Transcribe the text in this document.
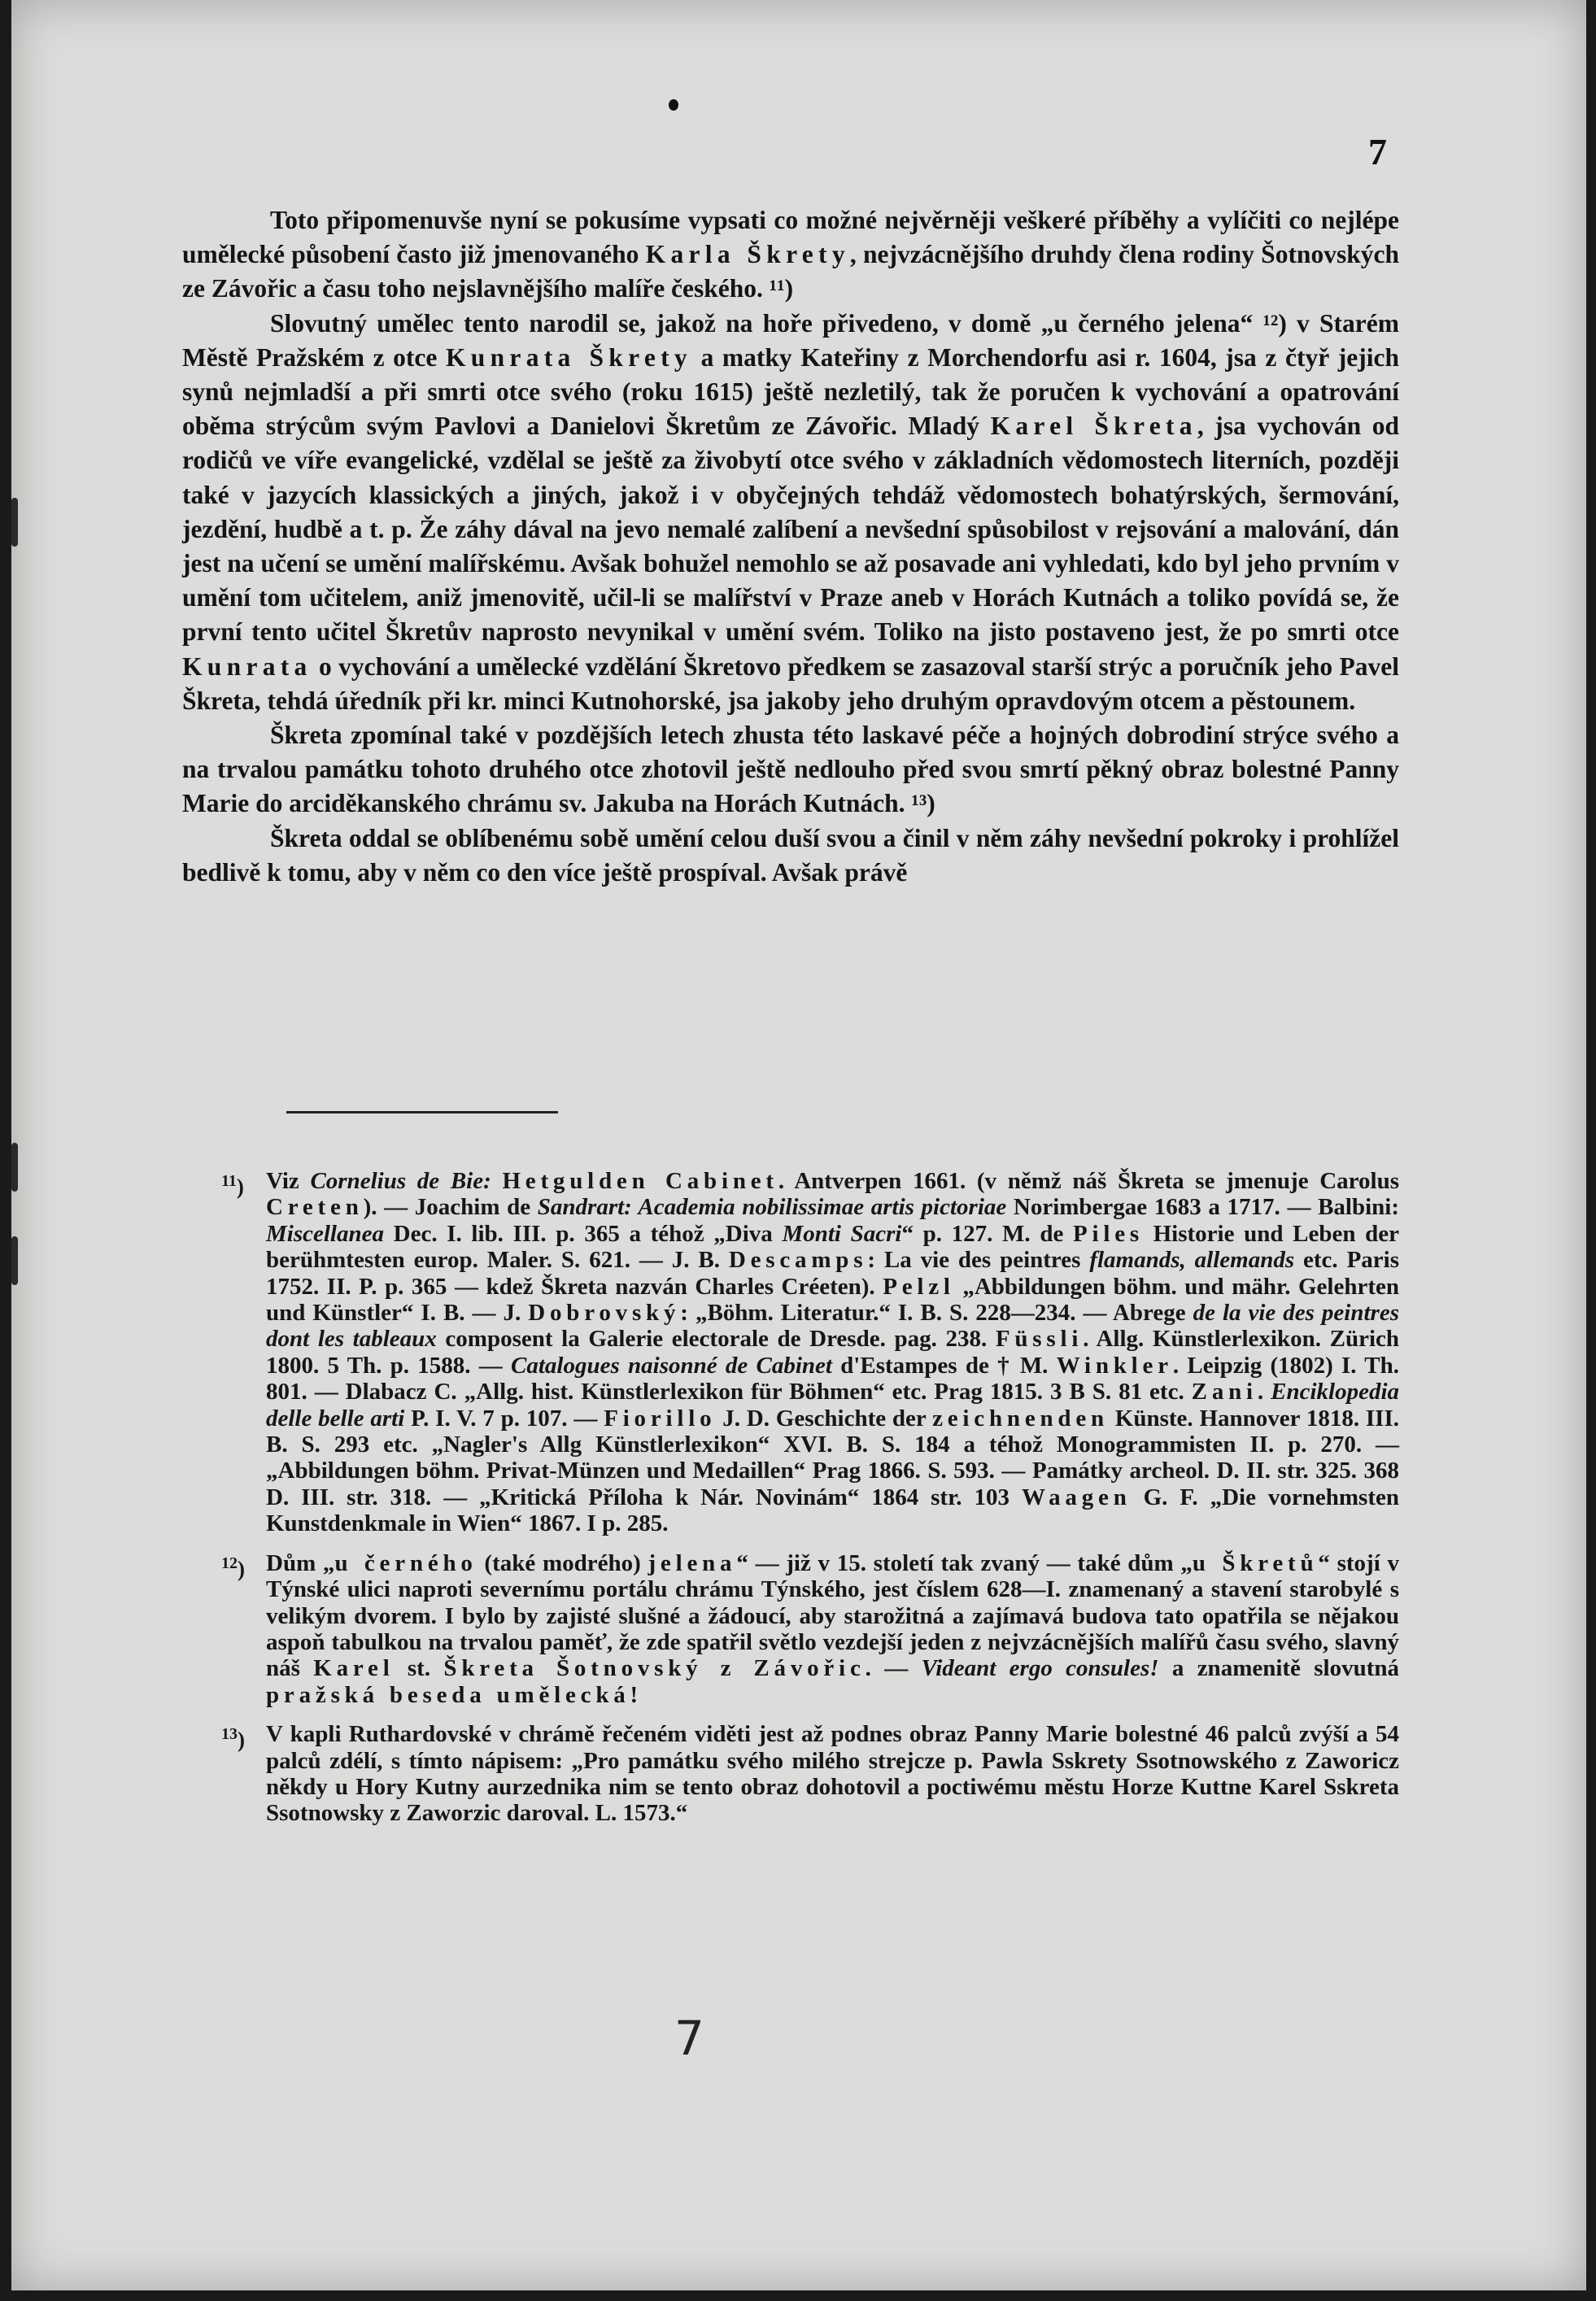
7

Toto připomenuvše nyní se pokusíme vypsati co možné nejvěrněji veškeré příběhy a vylíčiti co nejlépe umělecké působení často již jmenovaného Karla Škrety, nejvzácnějšího druhdy člena rodiny Šotnovských ze Závořic a času toho nejslavnějšího malíře českého. ¹¹)

Slovutný umělec tento narodil se, jakož na hoře přivedeno, v domě „u černého jelena“ ¹²) v Starém Městě Pražském z otce Kunrata Škrety a matky Kateřiny z Morchendorfu asi r. 1604, jsa z čtyř jejich synů nejmladší a při smrti otce svého (roku 1615) ještě nezletilý, tak že poručen k vychování a opatrování oběma strýcům svým Pavlovi a Danielovi Škretům ze Závořic. Mladý Karel Škreta, jsa vychován od rodičů ve víře evangelické, vzdělal se ještě za živobytí otce svého v základních vědomostech literních, později také v jazycích klassických a jiných, jakož i v obyčejných tehdáž vědomostech bohatýrských, šermování, jezdění, hudbě a t. p. Že záhy dával na jevo nemalé zalíbení a nevšední spůsobilost v rejsování a malování, dán jest na učení se umění malířskému. Avšak bohužel nemohlo se až posavade ani vyhledati, kdo byl jeho prvním v umění tom učitelem, aniž jmenovitě, učil-li se malířství v Praze aneb v Horách Kutnách a toliko povídá se, že první tento učitel Škretův naprosto nevynikal v umění svém. Toliko na jisto postaveno jest, že po smrti otce Kunrata o vychování a umělecké vzdělání Škretovo předkem se zasazoval starší strýc a poručník jeho Pavel Škreta, tehdá úředník při kr. minci Kutnohorské, jsa jakoby jeho druhým opravdovým otcem a pěstounem.

Škreta zpomínal také v pozdějších letech zhusta této laskavé péče a hojných dobrodiní strýce svého a na trvalou památku tohoto druhého otce zhotovil ještě nedlouho před svou smrtí pěkný obraz bolestné Panny Marie do arciděkanského chrámu sv. Jakuba na Horách Kutnách. ¹³)

Škreta oddal se oblíbenému sobě umění celou duší svou a činil v něm záhy nevšední pokroky i prohlížel bedlivě k tomu, aby v něm co den více ještě prospíval. Avšak právě

$^{11}$) Viz Cornelius de Bie: Hetgulden Cabinet. Antverpen 1661. (v němž náš Škreta se jmenuje Carolus Creten). — Joachim de Sandrart: Academia nobilissimae artis pictoriae Norimbergae 1683 a 1717. — Balbini: Miscellanea Dec. I. lib. III. p. 365 a téhož „Diva Monti Sacri“ p. 127. M. de Piles Historie und Leben der berühmtesten europ. Maler. S. 621. — J. B. Descamps: La vie des peintres flamands, allemands etc. Paris 1752. II. P. p. 365 — kdež Škreta nazván Charles Créeten). Pelzl „Abbildungen böhm. und mähr. Gelehrten und Künstler“ I. B. — J. Dobrovský: „Böhm. Literatur.“ I. B. S. 228—234. — Abrege de la vie des peintres dont les tableaux composent la Galerie electorale de Dresde. pag. 238. Füssli. Allg. Künstlerlexikon. Zürich 1800. 5 Th. p. 1588. — Catalogues naisonné de Cabinet d'Estampes de † M. Winkler. Leipzig (1802) I. Th. 801. — Dlabacz C. „Allg. hist. Künstlerlexikon für Böhmen“ etc. Prag 1815. 3 B S. 81 etc. Zani. Enciklopedia delle belle arti P. I. V. 7 p. 107. — Fiorillo J. D. Geschichte der zeichnenden Künste. Hannover 1818. III. B. S. 293 etc. „Nagler's Allg Künstlerlexikon“ XVI. B. S. 184 a téhož Monogrammisten II. p. 270. — „Abbildungen böhm. Privat-Münzen und Medaillen“ Prag 1866. S. 593. — Památky archeol. D. II. str. 325. 368 D. III. str. 318. — „Kritická Příloha k Nár. Novinám“ 1864 str. 103 Waagen G. F. „Die vornehmsten Kunstdenkmale in Wien“ 1867. I p. 285.
$^{12}$) Dům „u černého (také modrého) jelena“ — již v 15. století tak zvaný — také dům „u Škretů“ stojí v Týnské ulici naproti severnímu portálu chrámu Týnského, jest číslem 628—I. znamenaný a stavení starobylé s velikým dvorem. I bylo by zajisté slušné a žádoucí, aby starožitná a zajímavá budova tato opatřila se nějakou aspoň tabulkou na trvalou paměť, že zde spatřil světlo vezdejší jeden z nejvzácnějších malířů času svého, slavný náš Karel st. Škreta Šotnovský z Závořic. — Videant ergo consules! a znamenitě slovutná pražská beseda umělecká!
$^{13}$) V kapli Ruthardovské v chrámě řečeném viděti jest až podnes obraz Panny Marie bolestné 46 palců zvýší a 54 palců zdélí, s tímto nápisem: „Pro památku svého milého strejcze p. Pawla Sskrety Ssotnowského z Zaworicz někdy u Hory Kutny aurzednika nim se tento obraz dohotovil a poctiwému městu Horze Kuttne Karel Sskreta Ssotnowsky z Zaworzic daroval. L. 1573.“
7
